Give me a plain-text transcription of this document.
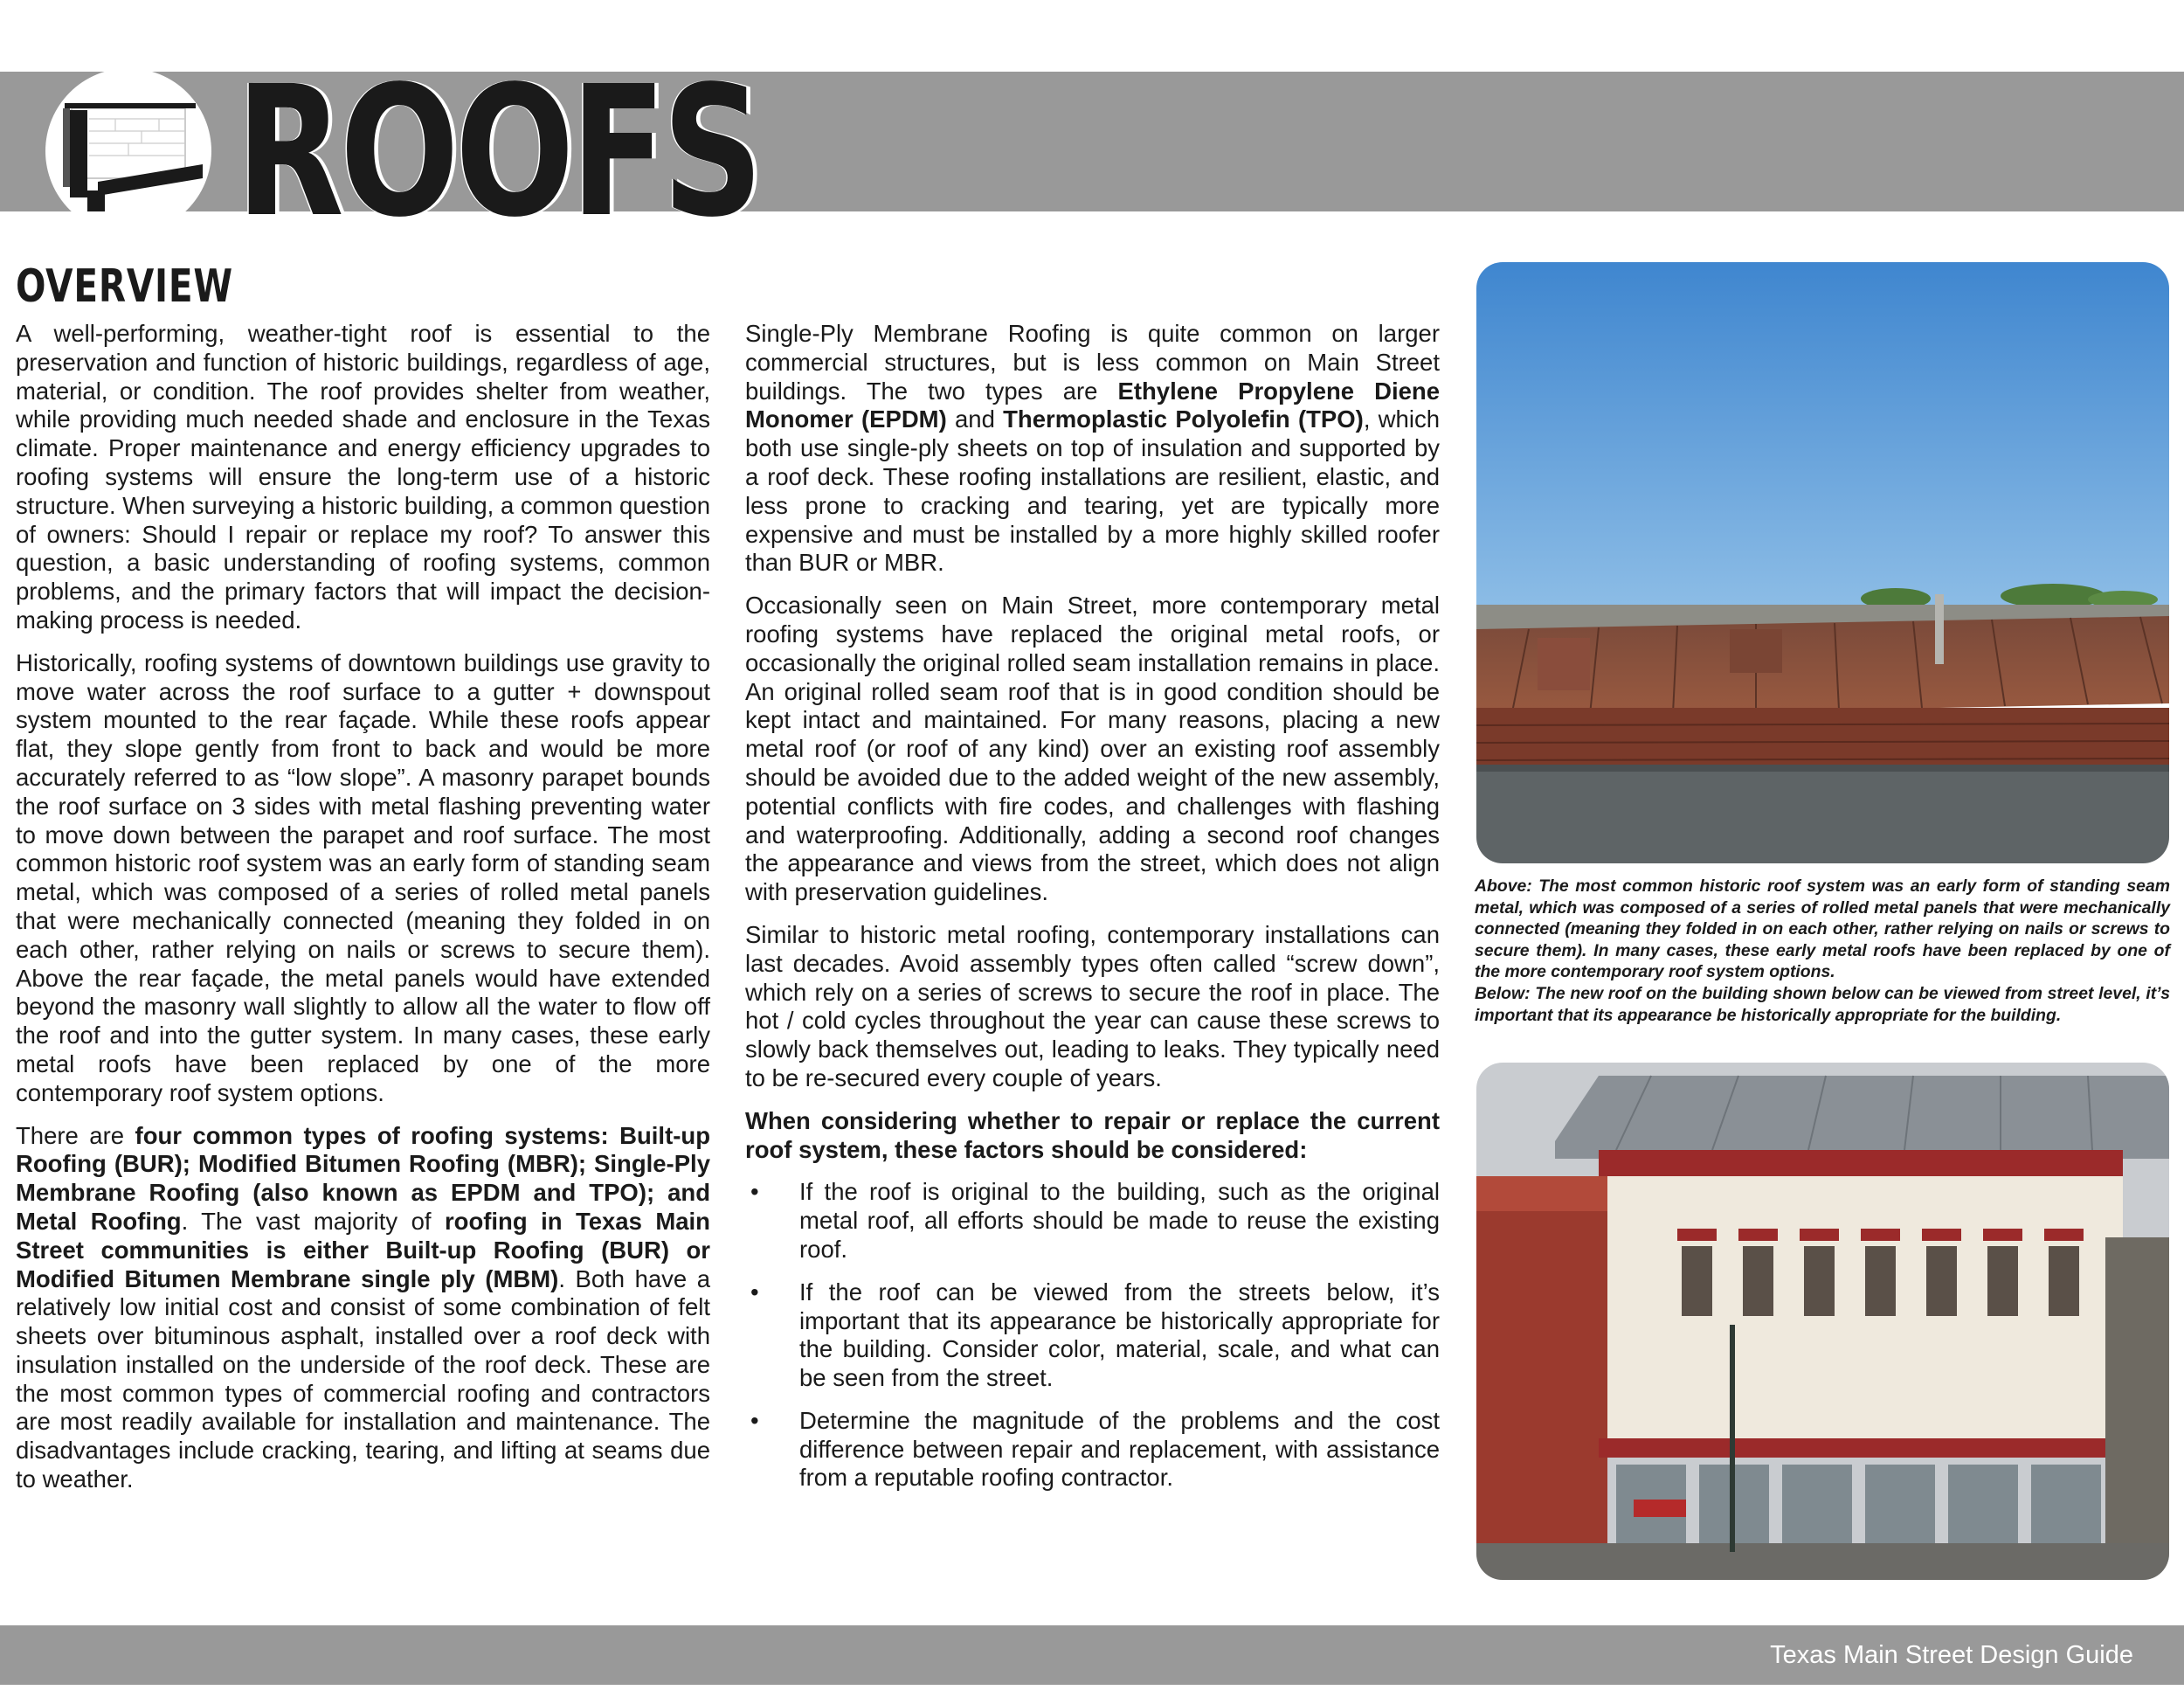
ROOFS
OVERVIEW

A well-performing, weather-tight roof is essential to the preservation and function of historic buildings, regardless of age, material, or condition. The roof provides shelter from weather, while providing much needed shade and enclosure in the Texas climate. Proper maintenance and energy efficiency upgrades to roofing systems will ensure the long-term use of a historic structure. When surveying a historic building, a common question of owners: Should I repair or replace my roof? To answer this question, a basic understanding of roofing systems, common problems, and the primary factors that will impact the decision-making process is needed.

Historically, roofing systems of downtown buildings use gravity to move water across the roof surface to a gutter + downspout system mounted to the rear façade. While these roofs appear flat, they slope gently from front to back and would be more accurately referred to as “low slope”. A masonry parapet bounds the roof surface on 3 sides with metal flashing preventing water to move down between the parapet and roof surface. The most common historic roof system was an early form of standing seam metal, which was composed of a series of rolled metal panels that were mechanically connected (meaning they folded in on each other, rather relying on nails or screws to secure them). Above the rear façade, the metal panels would have extended beyond the masonry wall slightly to allow all the water to flow off the roof and into the gutter system. In many cases, these early metal roofs have been replaced by one of the more contemporary roof system options.

There are four common types of roofing systems: Built-up Roofing (BUR); Modified Bitumen Roofing (MBR); Single-Ply Membrane Roofing (also known as EPDM and TPO); and Metal Roofing. The vast majority of roofing in Texas Main Street communities is either Built-up Roofing (BUR) or Modified Bitumen Membrane single ply (MBM). Both have a relatively low initial cost and consist of some combination of felt sheets over bituminous asphalt, installed over a roof deck with insulation installed on the underside of the roof deck. These are the most common types of commercial roofing and contractors are most readily available for installation and maintenance. The disadvantages include cracking, tearing, and lifting at seams due to weather.

Single-Ply Membrane Roofing is quite common on larger commercial structures, but is less common on Main Street buildings. The two types are Ethylene Propylene Diene Monomer (EPDM) and Thermoplastic Polyolefin (TPO), which both use single-ply sheets on top of insulation and supported by a roof deck. These roofing installations are resilient, elastic, and less prone to cracking and tearing, yet are typically more expensive and must be installed by a more highly skilled roofer than BUR or MBR.

Occasionally seen on Main Street, more contemporary metal roofing systems have replaced the original metal roofs, or occasionally the original rolled seam installation remains in place. An original rolled seam roof that is in good condition should be kept intact and maintained. For many reasons, placing a new metal roof (or roof of any kind) over an existing roof assembly should be avoided due to the added weight of the new assembly, potential conflicts with fire codes, and challenges with flashing and waterproofing. Additionally, adding a second roof changes the appearance and views from the street, which does not align with preservation guidelines.

Similar to historic metal roofing, contemporary installations can last decades. Avoid assembly types often called “screw down”, which rely on a series of screws to secure the roof in place. The hot / cold cycles throughout the year can cause these screws to slowly back themselves out, leading to leaks. They typically need to be re-secured every couple of years.

When considering whether to repair or replace the current roof system, these factors should be considered:

• If the roof is original to the building, such as the original metal roof, all efforts should be made to reuse the existing roof.
• If the roof can be viewed from the streets below, it’s important that its appearance be historically appropriate for the building. Consider color, material, scale, and what can be seen from the street.
• Determine the magnitude of the problems and the cost difference between repair and replacement, with assistance from a reputable roofing contractor.

Above: The most common historic roof system was an early form of standing seam metal, which was composed of a series of rolled metal panels that were mechanically connected (meaning they folded in on each other, rather relying on nails or screws to secure them). In many cases, these early metal roofs have been replaced by one of the more contemporary roof system options.

Below: The new roof on the building shown below can be viewed from street level, it’s important that its appearance be historically appropriate for the building.

Texas Main Street Design Guide
